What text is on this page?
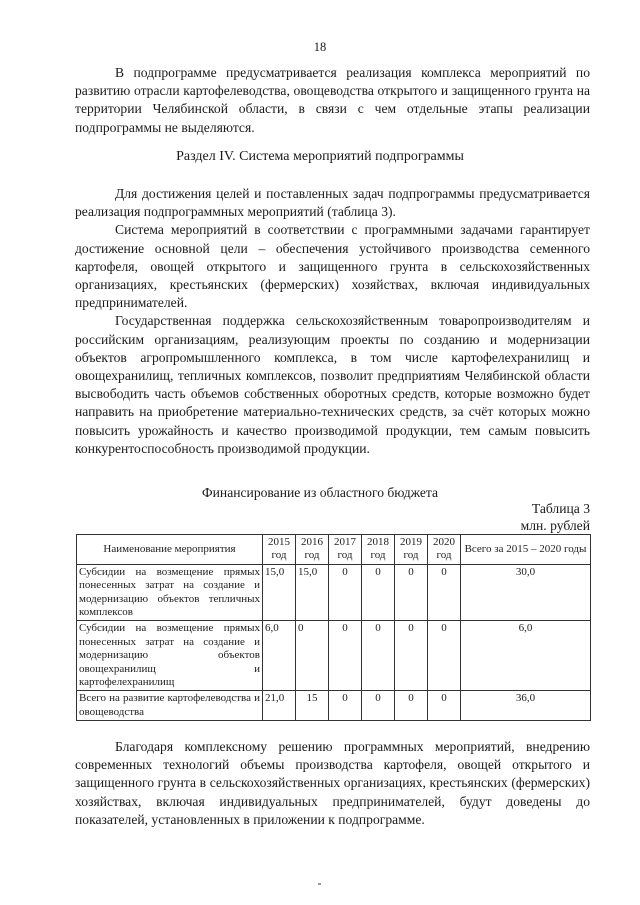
18

В подпрограмме предусматривается реализация комплекса мероприятий по развитию отрасли картофелеводства, овощеводства открытого и защищенного грунта на территории Челябинской области, в связи с чем отдельные этапы реализации подпрограммы не выделяются.

Раздел IV. Система мероприятий подпрограммы

Для достижения целей и поставленных задач подпрограммы предусматривается реализация подпрограммных мероприятий (таблица 3).

Система мероприятий в соответствии с программными задачами гарантирует достижение основной цели – обеспечения устойчивого производства семенного картофеля, овощей открытого и защищенного грунта в сельскохозяйственных организациях, крестьянских (фермерских) хозяйствах, включая индивидуальных предпринимателей.

Государственная поддержка сельскохозяйственным товаропроизводителям и российским организациям, реализующим проекты по созданию и модернизации объектов агропромышленного комплекса, в том числе картофелехранилищ и овощехранилищ, тепличных комплексов, позволит предприятиям Челябинской области высвободить часть объемов собственных оборотных средств, которые возможно будет направить на приобретение материально-технических средств, за счёт которых можно повысить урожайность и качество производимой продукции, тем самым повысить конкурентоспособность производимой продукции.

Финансирование из областного бюджета
Таблица 3
млн. рублей
Наименование мероприятия	2015 год	2016 год	2017 год	2018 год	2019 год	2020 год	Всего за 2015 – 2020 годы
Субсидии на возмещение прямых понесенных затрат на создание и модернизацию объектов тепличных комплексов	15,0	15,0	0	0	0	0	30,0
Субсидии на возмещение прямых понесенных затрат на создание и модернизацию объектов овощехранилищ и картофелехранилищ	6,0	0	0	0	0	0	6,0
Всего на развитие картофелеводства и овощеводства	21,0	15	0	0	0	0	36,0

Благодаря комплексному решению программных мероприятий, внедрению современных технологий объемы производства картофеля, овощей открытого и защищенного грунта в сельскохозяйственных организациях, крестьянских (фермерских) хозяйствах, включая индивидуальных предпринимателей, будут доведены до показателей, установленных в приложении к подпрограмме.
